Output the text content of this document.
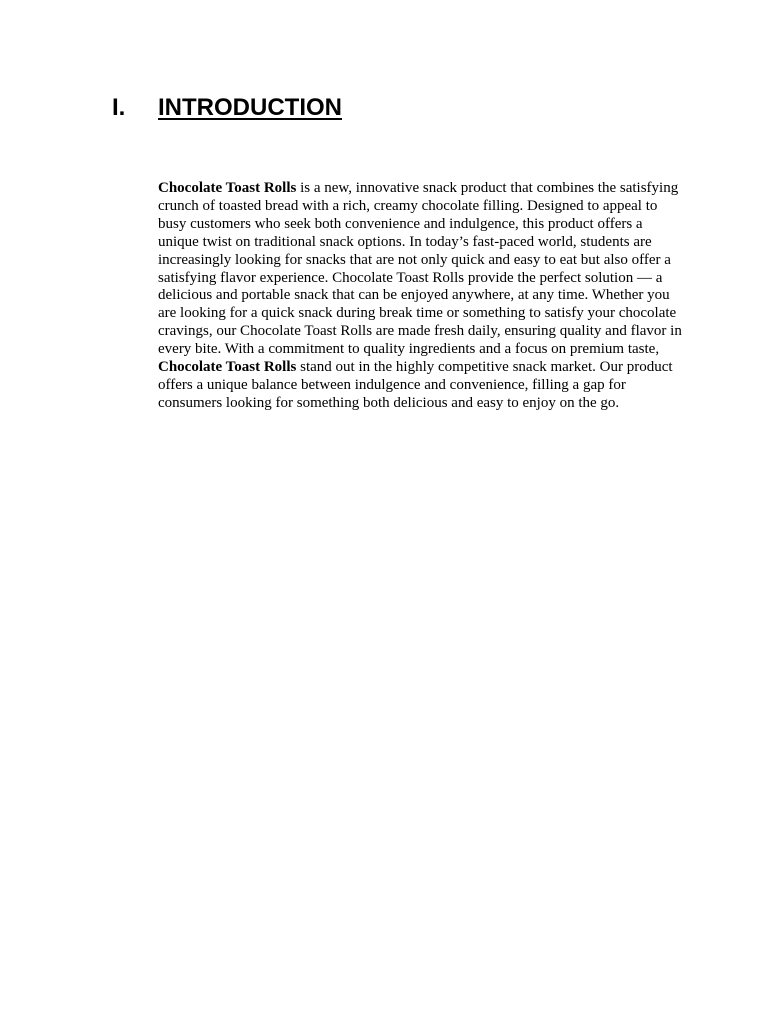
I. INTRODUCTION

Chocolate Toast Rolls is a new, innovative snack product that combines the satisfying crunch of toasted bread with a rich, creamy chocolate filling. Designed to appeal to busy customers who seek both convenience and indulgence, this product offers a unique twist on traditional snack options. In today’s fast-paced world, students are increasingly looking for snacks that are not only quick and easy to eat but also offer a satisfying flavor experience. Chocolate Toast Rolls provide the perfect solution — a delicious and portable snack that can be enjoyed anywhere, at any time. Whether you are looking for a quick snack during break time or something to satisfy your chocolate cravings, our Chocolate Toast Rolls are made fresh daily, ensuring quality and flavor in every bite. With a commitment to quality ingredients and a focus on premium taste, Chocolate Toast Rolls stand out in the highly competitive snack market. Our product offers a unique balance between indulgence and convenience, filling a gap for consumers looking for something both delicious and easy to enjoy on the go.
